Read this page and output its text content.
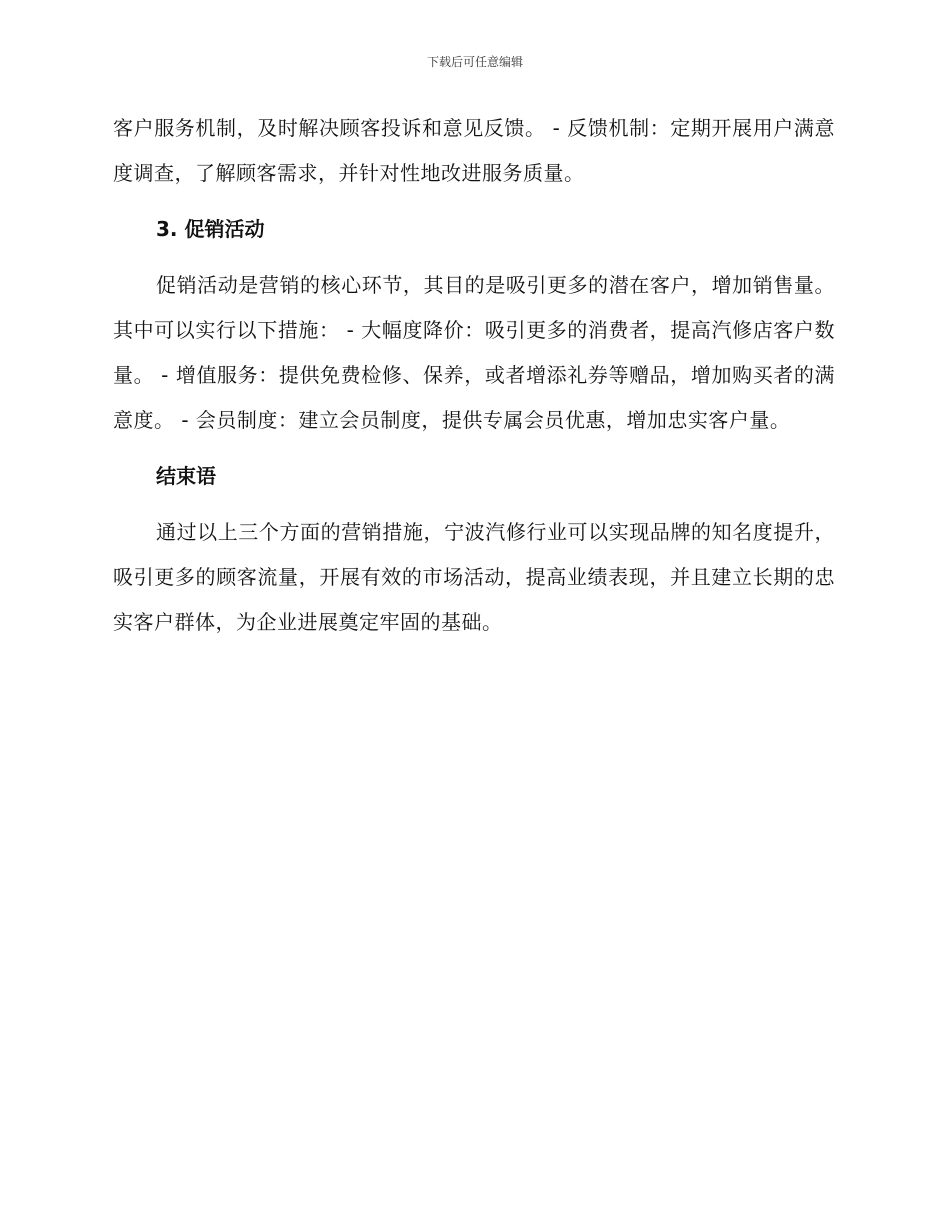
下载后可任意编辑

客户服务机制，及时解决顾客投诉和意见反馈。 - 反馈机制：定期开展用户满意度调查，了解顾客需求，并针对性地改进服务质量。

3. 促销活动

促销活动是营销的核心环节，其目的是吸引更多的潜在客户，增加销售量。 其中可以实行以下措施： - 大幅度降价：吸引更多的消费者，提高汽修店客户数量。 - 增值服务：提供免费检修、保养，或者增添礼券等赠品，增加购买者的满意度。 - 会员制度：建立会员制度，提供专属会员优惠，增加忠实客户量。

结束语

通过以上三个方面的营销措施，宁波汽修行业可以实现品牌的知名度提升，吸引更多的顾客流量，开展有效的市场活动，提高业绩表现，并且建立长期的忠实客户群体，为企业进展奠定牢固的基础。
